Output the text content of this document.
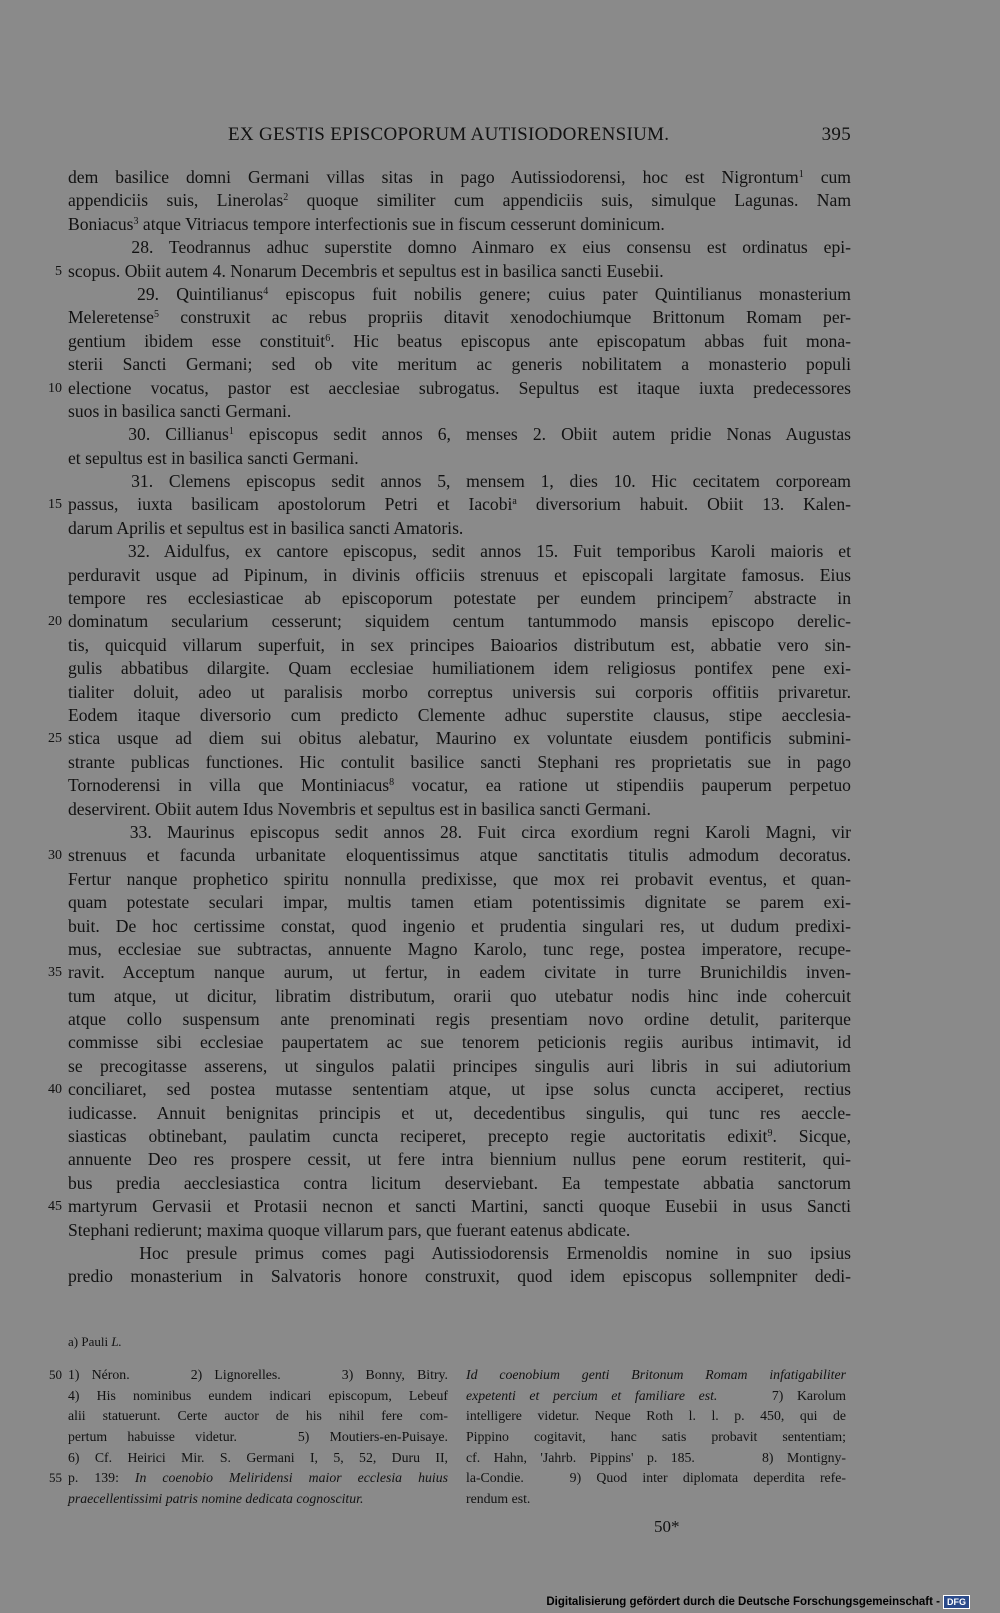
EX GESTIS EPISCOPORUM AUTISIODORENSIUM.	395
dem basilice domni Germani villas sitas in pago Autissiodorensi, hoc est Nigrontum$^1$ cum
appendiciis suis, Linerolas$^2$ quoque similiter cum appendiciis suis, simulque Lagunas. Nam
Boniacus$^3$ atque Vitriacus tempore interfectionis sue in fiscum cesserunt dominicum.
28. Teodrannus adhuc superstite domno Ainmaro ex eius consensu est ordinatus epi-
5 scopus. Obiit autem 4. Nonarum Decembris et sepultus est in basilica sancti Eusebii.
29. Quintilianus$^4$ episcopus fuit nobilis genere; cuius pater Quintilianus monasterium
Meleretense$^5$ construxit ac rebus propriis ditavit xenodochiumque Brittonum Romam per-
gentium ibidem esse constituit$^6$. Hic beatus episcopus ante episcopatum abbas fuit mona-
sterii Sancti Germani; sed ob vite meritum ac generis nobilitatem a monasterio populi
10 electione vocatus, pastor est aecclesiae subrogatus. Sepultus est itaque iuxta predecessores
suos in basilica sancti Germani.
30. Cillianus$^1$ episcopus sedit annos 6, menses 2. Obiit autem pridie Nonas Augustas
et sepultus est in basilica sancti Germani.
31. Clemens episcopus sedit annos 5, mensem 1, dies 10. Hic cecitatem corpoream
15 passus, iuxta basilicam apostolorum Petri et Iacobi$^a$ diversorium habuit. Obiit 13. Kalen-
darum Aprilis et sepultus est in basilica sancti Amatoris.
32. Aidulfus, ex cantore episcopus, sedit annos 15. Fuit temporibus Karoli maioris et
perduravit usque ad Pipinum, in divinis officiis strenuus et episcopali largitate famosus. Eius
tempore res ecclesiasticae ab episcoporum potestate per eundem principem$^7$ abstracte in
20 dominatum secularium cesserunt; siquidem centum tantummodo mansis episcopo derelic-
tis, quicquid villarum superfuit, in sex principes Baioarios distributum est, abbatie vero sin-
gulis abbatibus dilargite. Quam ecclesiae humiliationem idem religiosus pontifex pene exi-
tialiter doluit, adeo ut paralisis morbo correptus universis sui corporis offitiis privaretur.
Eodem itaque diversorio cum predicto Clemente adhuc superstite clausus, stipe aecclesia-
25 stica usque ad diem sui obitus alebatur, Maurino ex voluntate eiusdem pontificis submini-
strante publicas functiones. Hic contulit basilice sancti Stephani res proprietatis sue in pago
Tornoderensi in villa que Montiniacus$^8$ vocatur, ea ratione ut stipendiis pauperum perpetuo
deservirent. Obiit autem Idus Novembris et sepultus est in basilica sancti Germani.
33. Maurinus episcopus sedit annos 28. Fuit circa exordium regni Karoli Magni, vir
30 strenuus et facunda urbanitate eloquentissimus atque sanctitatis titulis admodum decoratus.
Fertur nanque prophetico spiritu nonnulla predixisse, que mox rei probavit eventus, et quan-
quam potestate seculari impar, multis tamen etiam potentissimis dignitate se parem exi-
buit. De hoc certissime constat, quod ingenio et prudentia singulari res, ut dudum predixi-
mus, ecclesiae sue subtractas, annuente Magno Karolo, tunc rege, postea imperatore, recupe-
35 ravit. Acceptum nanque aurum, ut fertur, in eadem civitate in turre Brunichildis inven-
tum atque, ut dicitur, libratim distributum, orarii quo utebatur nodis hinc inde cohercuit
atque collo suspensum ante prenominati regis presentiam novo ordine detulit, pariterque
commisse sibi ecclesiae paupertatem ac sue tenorem peticionis regiis auribus intimavit, id
se precogitasse asserens, ut singulos palatii principes singulis auri libris in sui adiutorium
40 conciliaret, sed postea mutasse sententiam atque, ut ipse solus cuncta acciperet, rectius
iudicasse. Annuit benignitas principis et ut, decedentibus singulis, qui tunc res aeccle-
siasticas obtinebant, paulatim cuncta reciperet, precepto regie auctoritatis edixit$^9$. Sicque,
annuente Deo res prospere cessit, ut fere intra biennium nullus pene eorum restiterit, qui-
bus predia aecclesiastica contra licitum deserviebant. Ea tempestate abbatia sanctorum
45 martyrum Gervasii et Protasii necnon et sancti Martini, sancti quoque Eusebii in usus Sancti
Stephani redierunt; maxima quoque villarum pars, que fuerant eatenus abdicate.
Hoc presule primus comes pagi Autissiodorensis Ermenoldis nomine in suo ipsius
predio monasterium in Salvatoris honore construxit, quod idem episcopus sollempniter dedi-
a) Pauli L.
50 1) Néron.     2) Lignorelles.     3) Bonny, Bitry.
4) His nominibus eundem indicari episcopum, Lebeuf
alii statuerunt. Certe auctor de his nihil fere com-
pertum habuisse videtur.   5) Moutiers-en-Puisaye.
6) Cf. Heirici Mir. S. Germani I, 5, 52, Duru II,
55 p. 139: In coenobio Meliridensi maior ecclesia huius
praecellentissimi patris nomine dedicata cognoscitur.
Id coenobium genti Britonum Romam infatigabiliter
expetenti et percium et familiare est.    7) Karolum
intelligere videtur. Neque Roth l. l. p. 450, qui de
Pippino cogitavit, hanc satis probavit sententiam;
cf. Hahn, 'Jahrb. Pippins' p. 185.     8) Montigny-
la-Condie.   9) Quod inter diplomata deperdita refe-
rendum est.
50*
Digitalisierung gefördert durch die Deutsche Forschungsgemeinschaft - DFG
